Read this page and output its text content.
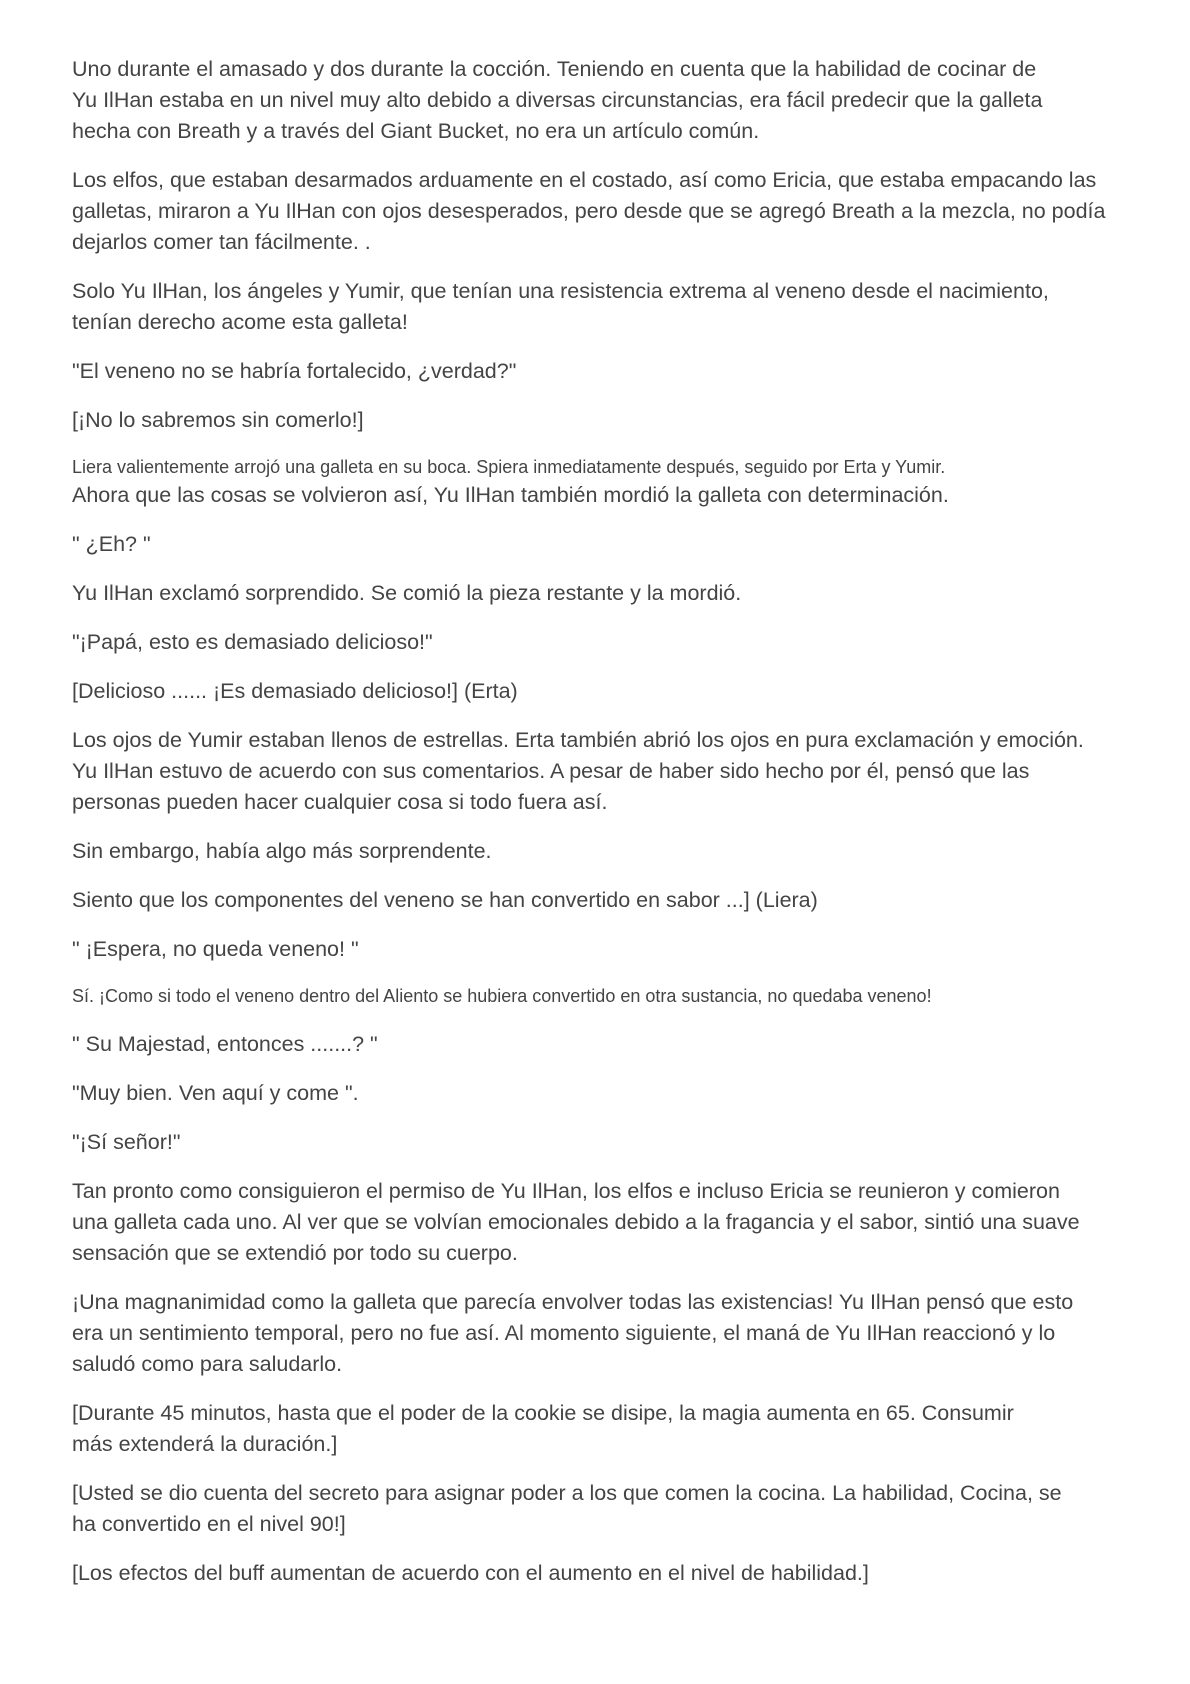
Uno durante el amasado y dos durante la cocción. Teniendo en cuenta que la habilidad de cocinar de
Yu IlHan estaba en un nivel muy alto debido a diversas circunstancias, era fácil predecir que la galleta
hecha con Breath y a través del Giant Bucket, no era un artículo común.

Los elfos, que estaban desarmados arduamente en el costado, así como Ericia, que estaba empacando las
galletas, miraron a Yu IlHan con ojos desesperados, pero desde que se agregó Breath a la mezcla, no podía
dejarlos comer tan fácilmente. .

Solo Yu IlHan, los ángeles y Yumir, que tenían una resistencia extrema al veneno desde el nacimiento,
tenían derecho acome esta galleta!

"El veneno no se habría fortalecido, ¿verdad?"

[¡No lo sabremos sin comerlo!]

Liera valientemente arrojó una galleta en su boca. Spiera inmediatamente después, seguido por Erta y Yumir.

Ahora que las cosas se volvieron así, Yu IlHan también mordió la galleta con determinación.

" ¿Eh? "

Yu IlHan exclamó sorprendido. Se comió la pieza restante y la mordió.

"¡Papá, esto es demasiado delicioso!"

[Delicioso ...... ¡Es demasiado delicioso!] (Erta)

Los ojos de Yumir estaban llenos de estrellas. Erta también abrió los ojos en pura exclamación y emoción.
Yu IlHan estuvo de acuerdo con sus comentarios. A pesar de haber sido hecho por él, pensó que las
personas pueden hacer cualquier cosa si todo fuera así.

Sin embargo, había algo más sorprendente.

Siento que los componentes del veneno se han convertido en sabor ...] (Liera)

" ¡Espera, no queda veneno! "

Sí. ¡Como si todo el veneno dentro del Aliento se hubiera convertido en otra sustancia, no quedaba veneno!

" Su Majestad, entonces .......? "

"Muy bien. Ven aquí y come ".

"¡Sí señor!"

Tan pronto como consiguieron el permiso de Yu IlHan, los elfos e incluso Ericia se reunieron y comieron
una galleta cada uno. Al ver que se volvían emocionales debido a la fragancia y el sabor, sintió una suave
sensación que se extendió por todo su cuerpo.

¡Una magnanimidad como la galleta que parecía envolver todas las existencias! Yu IlHan pensó que esto
era un sentimiento temporal, pero no fue así. Al momento siguiente, el maná de Yu IlHan reaccionó y lo
saludó como para saludarlo.

[Durante 45 minutos, hasta que el poder de la cookie se disipe, la magia aumenta en 65. Consumir
más extenderá la duración.]

[Usted se dio cuenta del secreto para asignar poder a los que comen la cocina. La habilidad, Cocina, se
ha convertido en el nivel 90!]

[Los efectos del buff aumentan de acuerdo con el aumento en el nivel de habilidad.]
